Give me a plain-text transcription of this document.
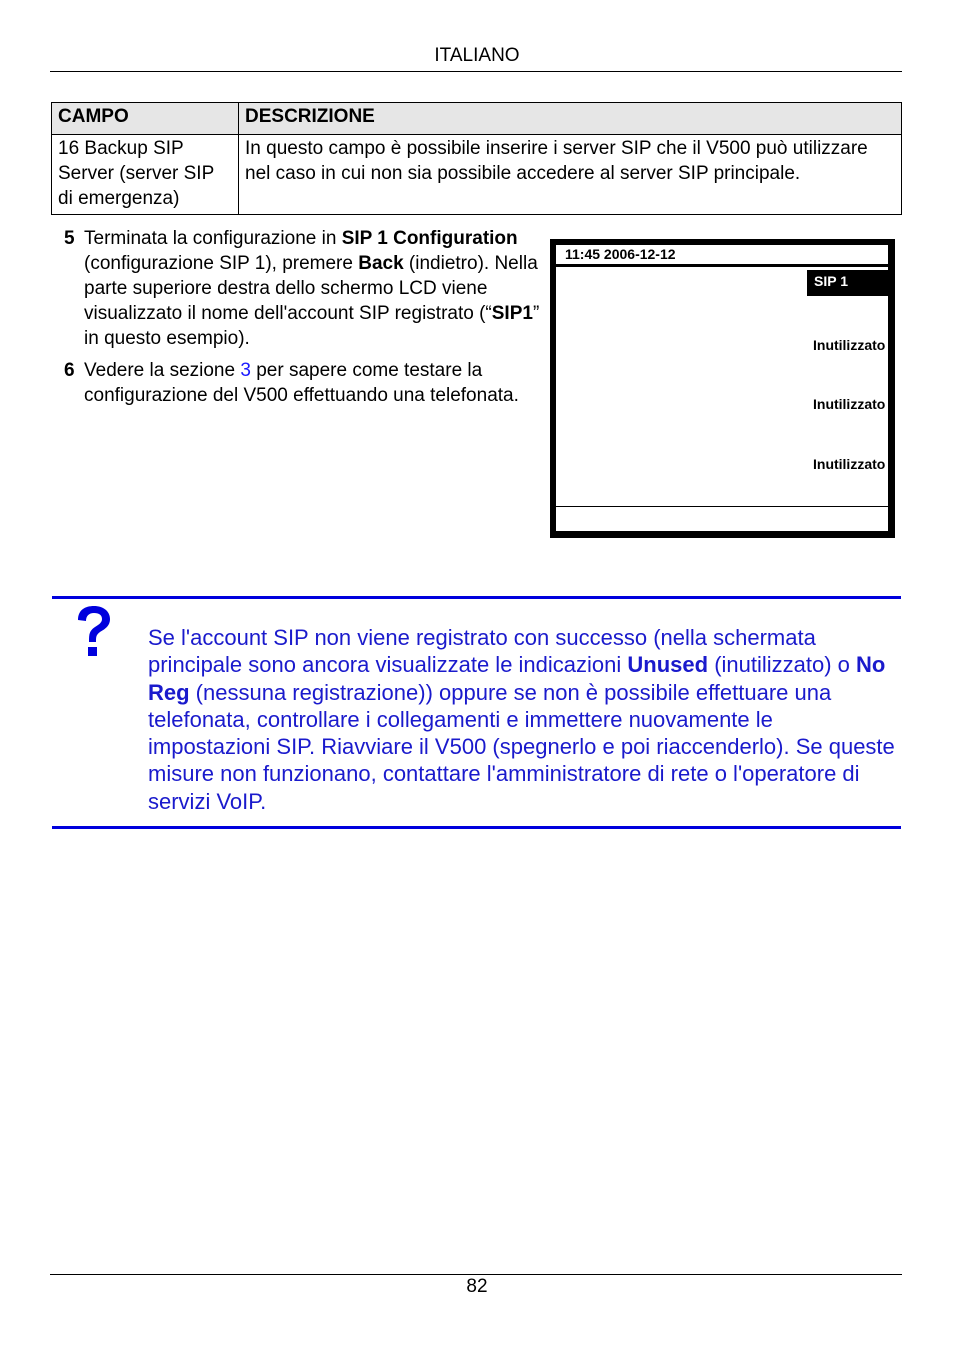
ITALIANO
CAMPO	DESCRIZIONE
16 Backup SIP Server (server SIP di emergenza)	In questo campo è possibile inserire i server SIP che il V500 può utilizzare nel caso in cui non sia possibile accedere al server SIP principale.
5 Terminata la configurazione in SIP 1 Configuration (configurazione SIP 1), premere Back (indietro). Nella parte superiore destra dello schermo LCD viene visualizzato il nome dell'account SIP registrato (“SIP1” in questo esempio).
6 Vedere la sezione 3 per sapere come testare la configurazione del V500 effettuando una telefonata.
11:45 2006-12-12
SIP 1
Inutilizzato
Inutilizzato
Inutilizzato
Se l'account SIP non viene registrato con successo (nella schermata principale sono ancora visualizzate le indicazioni Unused (inutilizzato) o No Reg (nessuna registrazione)) oppure se non è possibile effettuare una telefonata, controllare i collegamenti e immettere nuovamente le impostazioni SIP. Riavviare il V500 (spegnerlo e poi riaccenderlo). Se queste misure non funzionano, contattare l'amministratore di rete o l'operatore di servizi VoIP.
82
